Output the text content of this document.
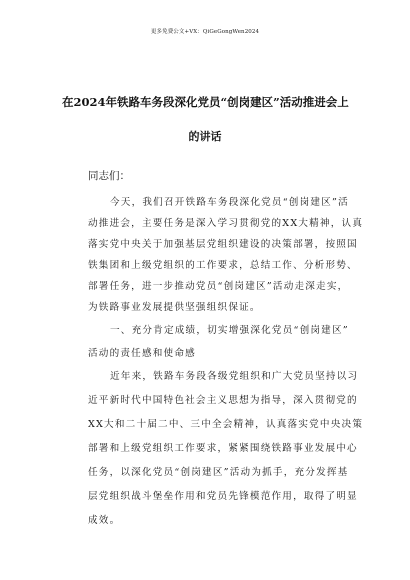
更多免费公文+VX：QiGeGongWen2024
在2024年铁路车务段深化党员“创岗建区”活动推进会上
的讲话
同志们：
今天，我们召开铁路车务段深化党员“创岗建区”活
动推进会，主要任务是深入学习贯彻党的XX大精神，认真
落实党中央关于加强基层党组织建设的决策部署，按照国
铁集团和上级党组织的工作要求，总结工作、分析形势、
部署任务，进一步推动党员“创岗建区”活动走深走实，
为铁路事业发展提供坚强组织保证。
一、充分肯定成绩，切实增强深化党员“创岗建区”
活动的责任感和使命感
近年来，铁路车务段各级党组织和广大党员坚持以习
近平新时代中国特色社会主义思想为指导，深入贯彻党的
XX大和二十届二中、三中全会精神，认真落实党中央决策
部署和上级党组织工作要求，紧紧围绕铁路事业发展中心
任务，以深化党员“创岗建区”活动为抓手，充分发挥基
层党组织战斗堡垒作用和党员先锋模范作用，取得了明显
成效。
